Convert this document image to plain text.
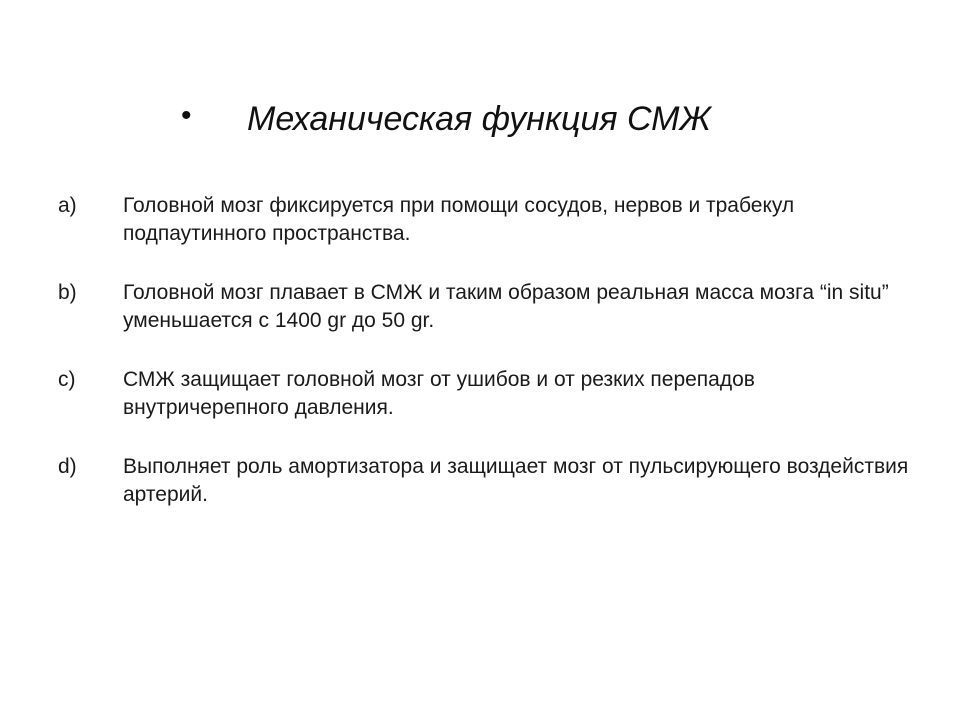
• Механическая функция СМЖ
a)	Головной мозг фиксируется при помощи сосудов, нервов и трабекул подпаутинного пространства.
b)	Головной мозг плавает в СМЖ и таким образом реальная масса мозга “in situ” уменьшается с 1400 gr до 50 gr.
c)	СМЖ защищает головной мозг от ушибов и от резких перепадов внутричерепного давления.
d)	Выполняет роль амортизатора и защищает мозг от пульсирующего воздействия артерий.
